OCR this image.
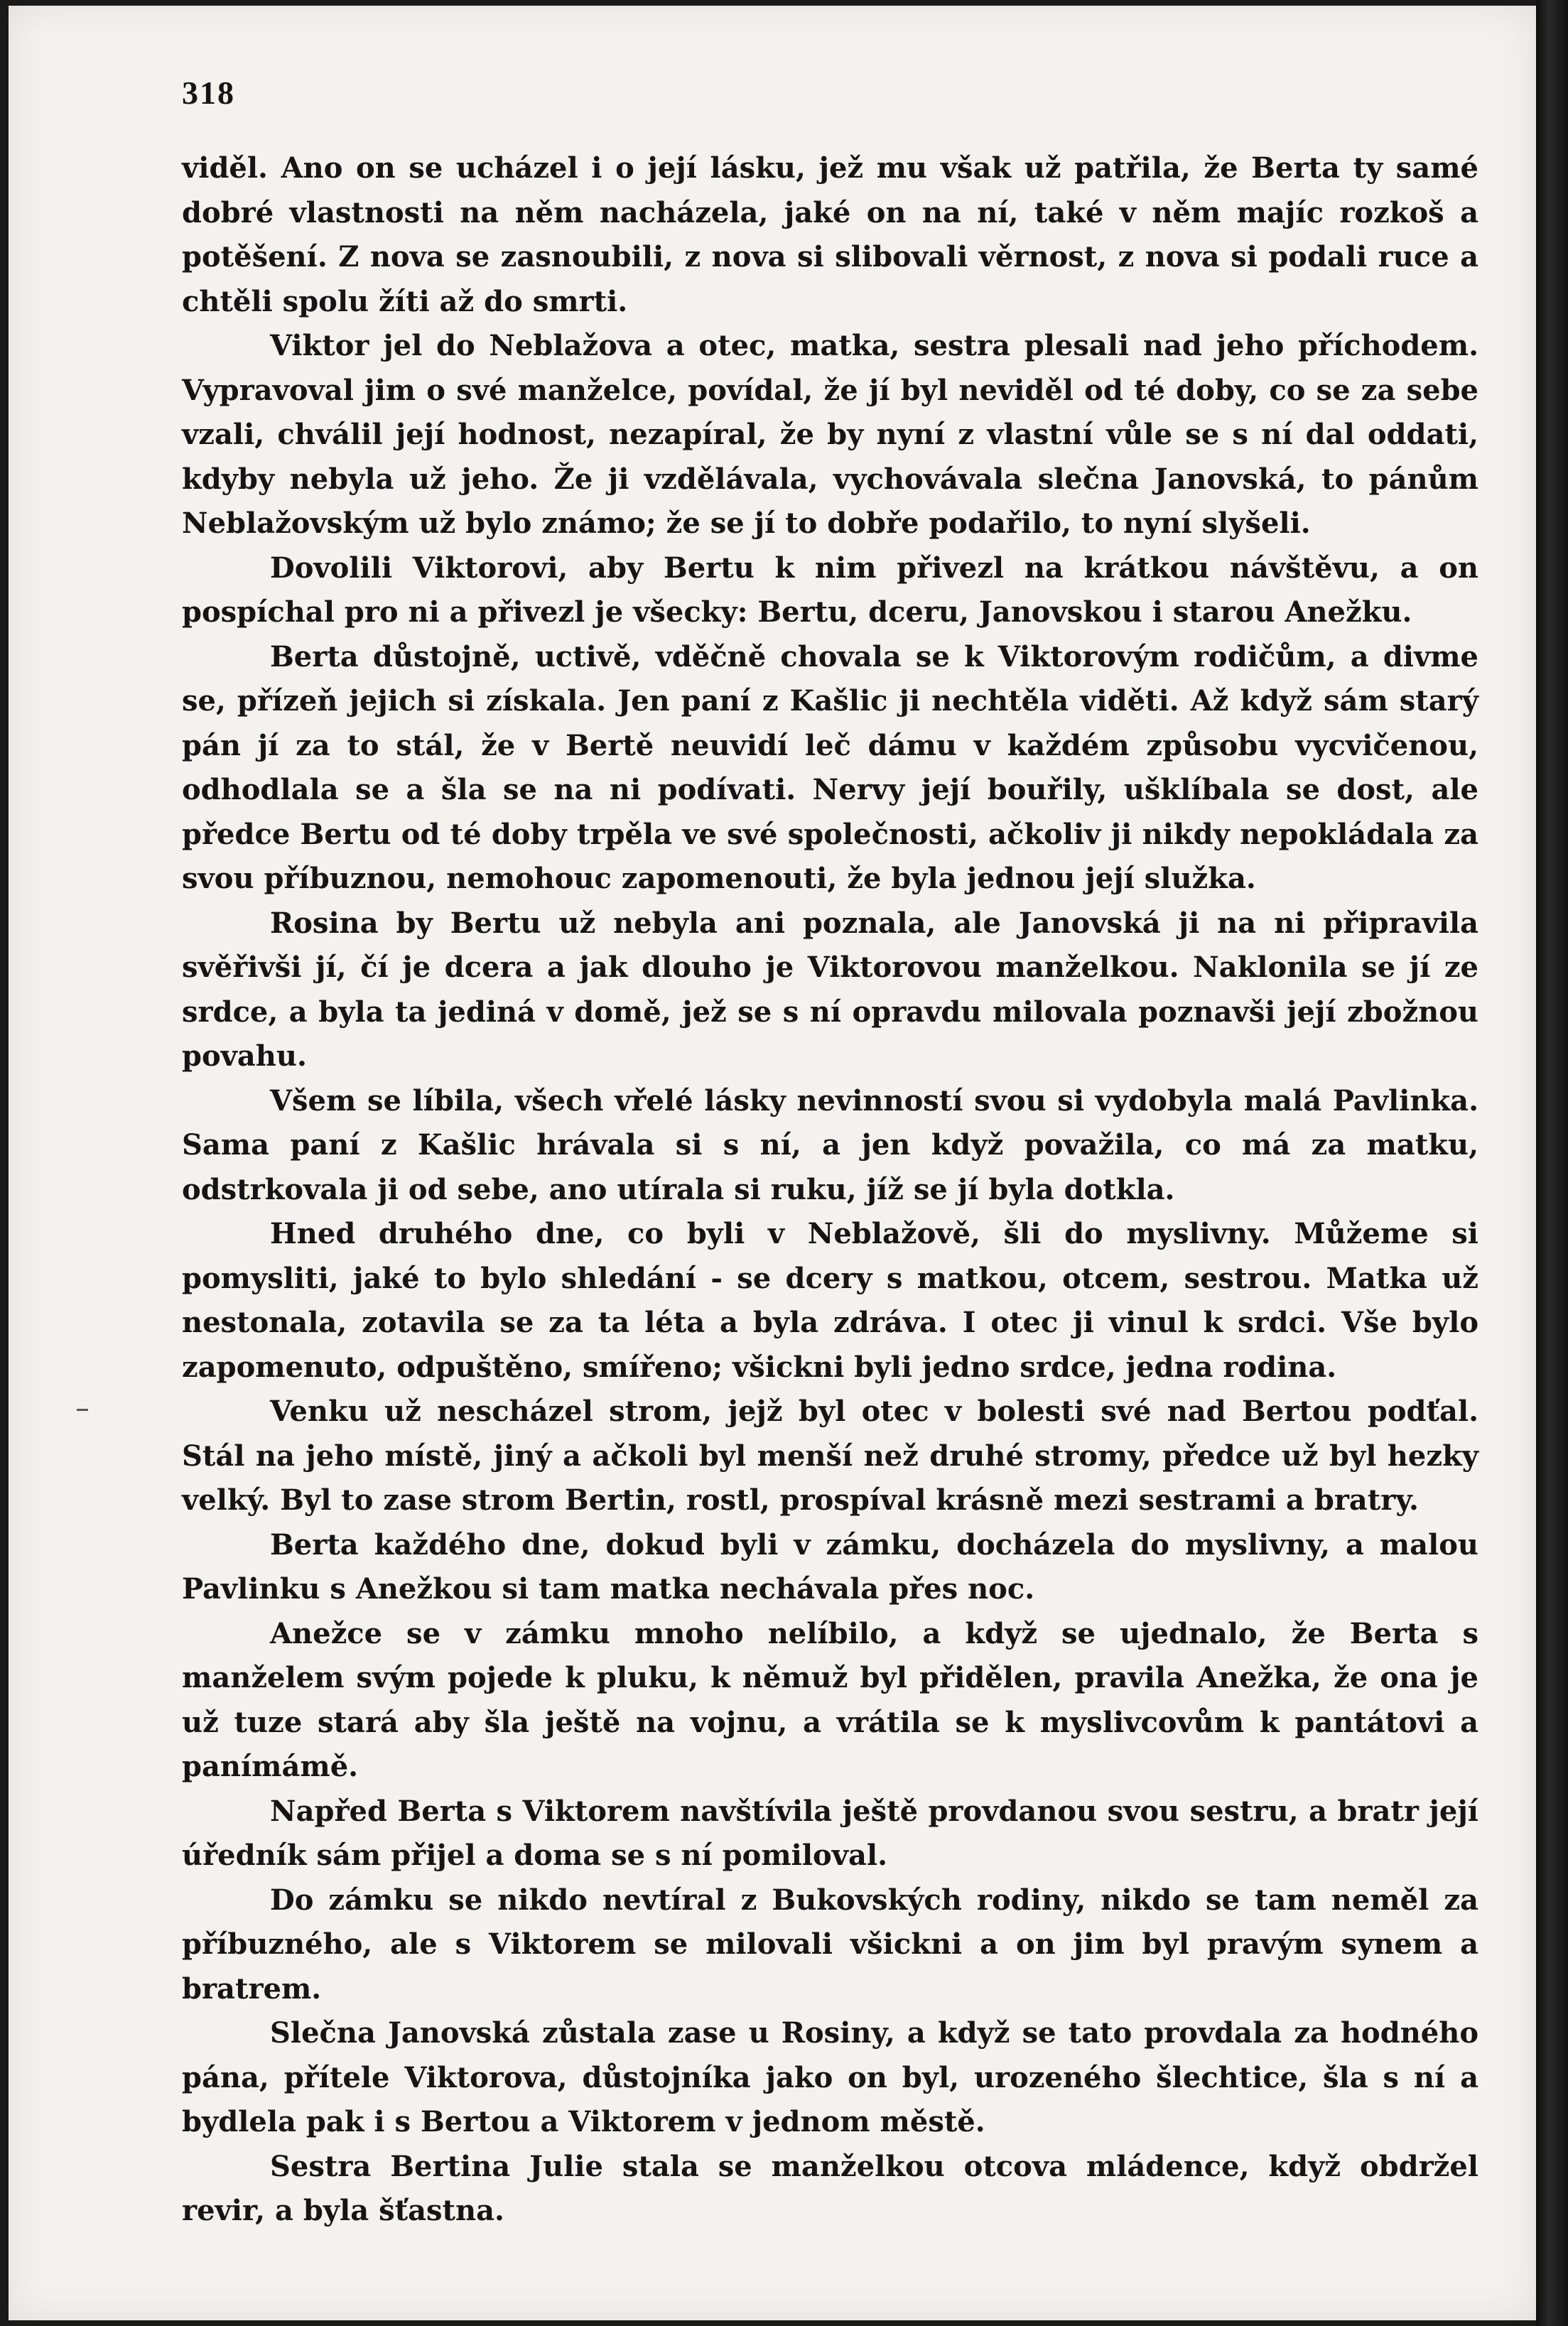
318

viděl. Ano on se ucházel i o její lásku, jež mu však už patřila, že Berta ty samé dobré vlastnosti na něm nacházela, jaké on na ní, také v něm majíc rozkoš a potěšení. Z nova se zasnoubili, z nova si slibovali věrnost, z nova si podali ruce a chtěli spolu žíti až do smrti.

Viktor jel do Neblažova a otec, matka, sestra plesali nad jeho příchodem. Vypravoval jim o své manželce, povídal, že jí byl neviděl od té doby, co se za sebe vzali, chválil její hodnost, nezapíral, že by nyní z vlastní vůle se s ní dal oddati, kdyby nebyla už jeho. Že ji vzdělávala, vychovávala slečna Janovská, to pánům Neblažovským už bylo známo; že se jí to dobře podařilo, to nyní slyšeli.

Dovolili Viktorovi, aby Bertu k nim přivezl na krátkou návštěvu, a on pospíchal pro ni a přivezl je všecky: Bertu, dceru, Janovskou i starou Anežku.

Berta důstojně, uctivě, vděčně chovala se k Viktorovým rodičům, a divme se, přízeň jejich si získala. Jen paní z Kašlic ji nechtěla viděti. Až když sám starý pán jí za to stál, že v Bertě neuvidí leč dámu v každém způsobu vycvičenou, odhodlala se a šla se na ni podívati. Nervy její bouřily, ušklíbala se dost, ale předce Bertu od té doby trpěla ve své společnosti, ačkoliv ji nikdy nepokládala za svou příbuznou, nemohouc zapomenouti, že byla jednou její služka.

Rosina by Bertu už nebyla ani poznala, ale Janovská ji na ni připravila svěřivši jí, čí je dcera a jak dlouho je Viktorovou manželkou. Naklonila se jí ze srdce, a byla ta jediná v domě, jež se s ní opravdu milovala poznavši její zbožnou povahu.

Všem se líbila, všech vřelé lásky nevinností svou si vydobyla malá Pavlinka. Sama paní z Kašlic hrávala si s ní, a jen když považila, co má za matku, odstrkovala ji od sebe, ano utírala si ruku, jíž se jí byla dotkla.

Hned druhého dne, co byli v Neblažově, šli do myslivny. Můžeme si pomysliti, jaké to bylo shledání - se dcery s matkou, otcem, sestrou. Matka už nestonala, zotavila se za ta léta a byla zdráva. I otec ji vinul k srdci. Vše bylo zapomenuto, odpuštěno, smířeno; všickni byli jedno srdce, jedna rodina.

Venku už nescházel strom, jejž byl otec v bolesti své nad Bertou podťal. Stál na jeho místě, jiný a ačkoli byl menší než druhé stromy, předce už byl hezky velký. Byl to zase strom Bertin, rostl, prospíval krásně mezi sestrami a bratry.

Berta každého dne, dokud byli v zámku, docházela do myslivny, a malou Pavlinku s Anežkou si tam matka nechávala přes noc.

Anežce se v zámku mnoho nelíbilo, a když se ujednalo, že Berta s manželem svým pojede k pluku, k němuž byl přidělen, pravila Anežka, že ona je už tuze stará aby šla ještě na vojnu, a vrátila se k myslivcovům k pantátovi a panímámě.

Napřed Berta s Viktorem navštívila ještě provdanou svou sestru, a bratr její úředník sám přijel a doma se s ní pomiloval.

Do zámku se nikdo nevtíral z Bukovských rodiny, nikdo se tam neměl za příbuzného, ale s Viktorem se milovali všickni a on jim byl pravým synem a bratrem.

Slečna Janovská zůstala zase u Rosiny, a když se tato provdala za hodného pána, přítele Viktorova, důstojníka jako on byl, urozeného šlechtice, šla s ní a bydlela pak i s Bertou a Viktorem v jednom městě.

Sestra Bertina Julie stala se manželkou otcova mládence, když obdržel revir, a byla šťastna.
